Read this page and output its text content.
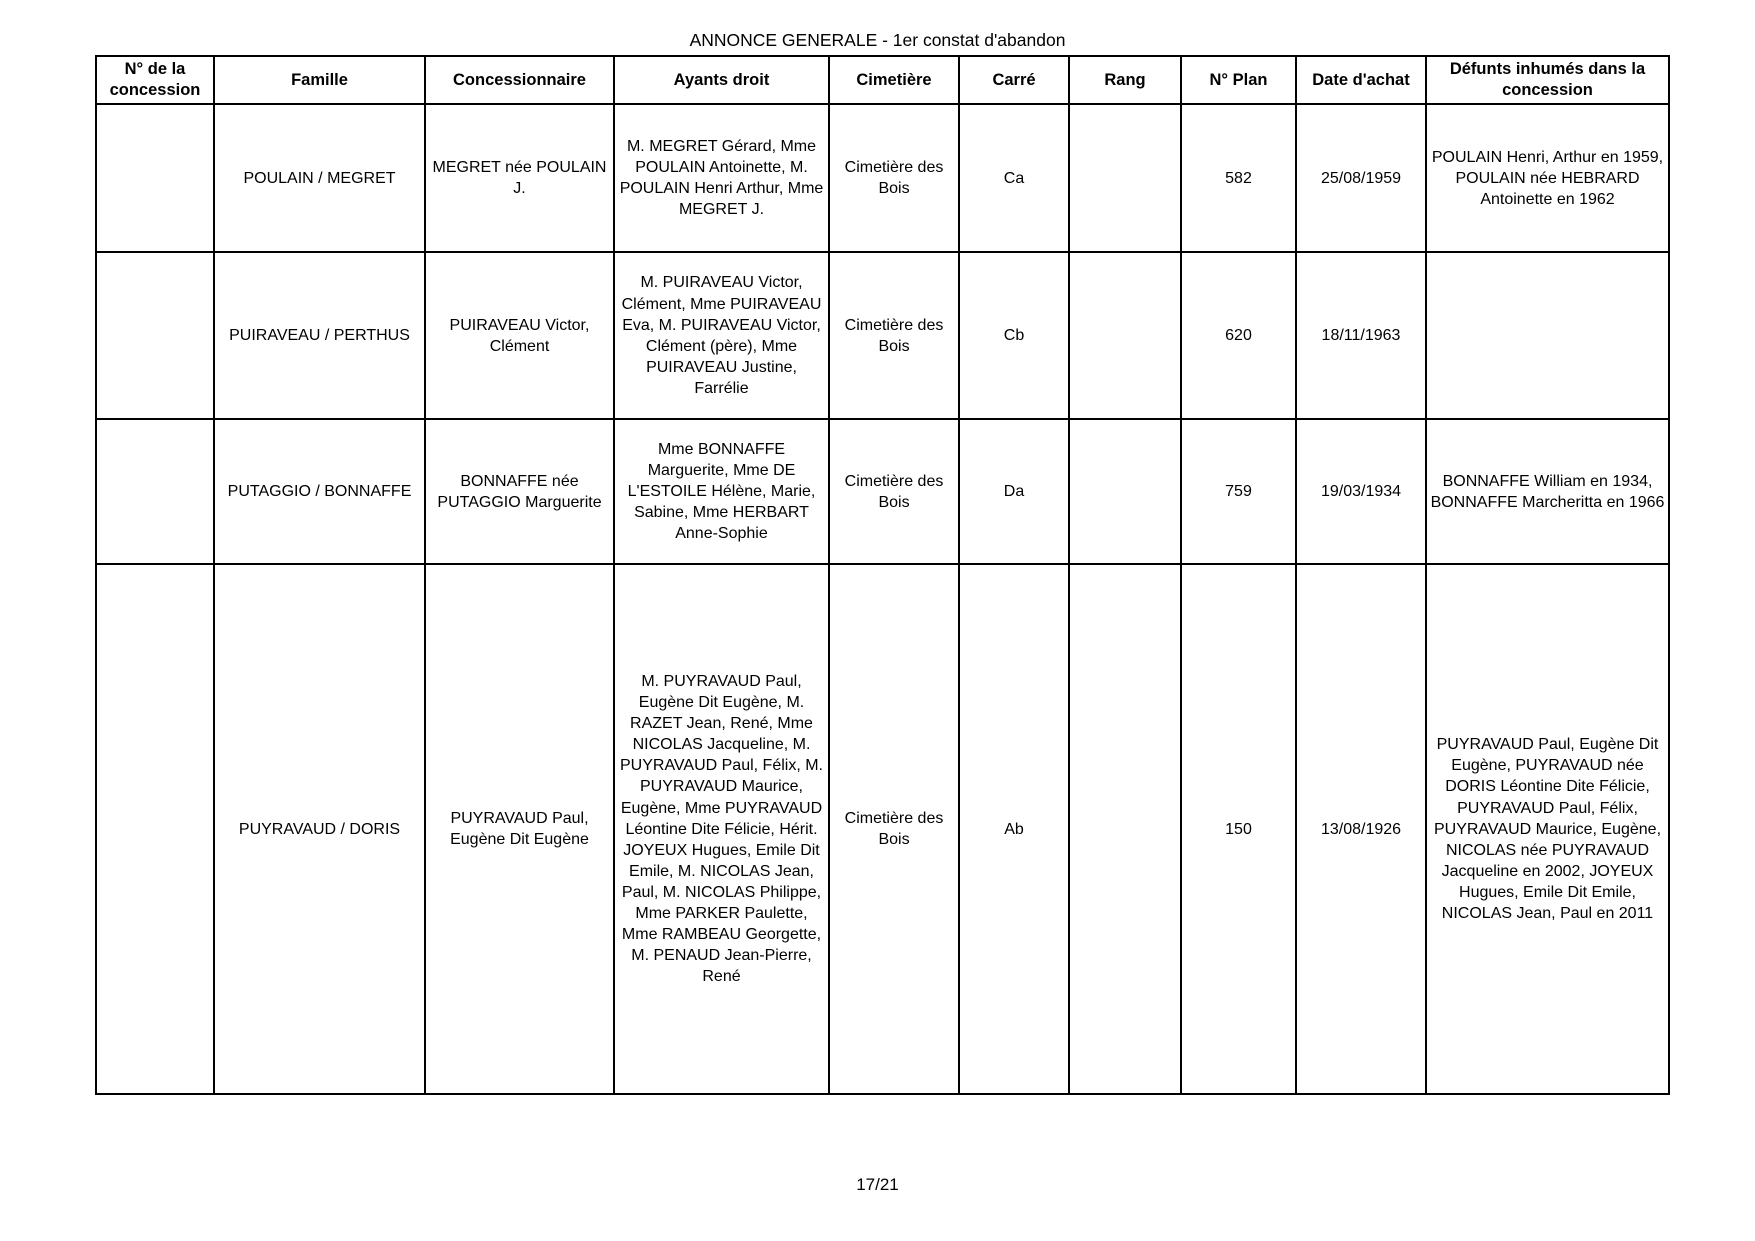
ANNONCE GENERALE - 1er constat d'abandon
N° de la concession	Famille	Concessionnaire	Ayants droit	Cimetière	Carré	Rang	N° Plan	Date d'achat	Défunts inhumés dans la concession
	POULAIN / MEGRET	MEGRET née POULAIN J.	M. MEGRET Gérard, Mme POULAIN Antoinette, M. POULAIN Henri Arthur, Mme MEGRET J.	Cimetière des Bois	Ca		582	25/08/1959	POULAIN Henri, Arthur en 1959, POULAIN née HEBRARD Antoinette en 1962
	PUIRAVEAU / PERTHUS	PUIRAVEAU Victor, Clément	M. PUIRAVEAU Victor, Clément, Mme PUIRAVEAU Eva, M. PUIRAVEAU Victor, Clément (père), Mme PUIRAVEAU Justine, Farrélie	Cimetière des Bois	Cb		620	18/11/1963	
	PUTAGGIO / BONNAFFE	BONNAFFE née PUTAGGIO Marguerite	Mme BONNAFFE Marguerite, Mme DE L'ESTOILE Hélène, Marie, Sabine, Mme HERBART Anne-Sophie	Cimetière des Bois	Da		759	19/03/1934	BONNAFFE William en 1934, BONNAFFE Marcheritta en 1966
	PUYRAVAUD / DORIS	PUYRAVAUD Paul, Eugène Dit Eugène	M. PUYRAVAUD Paul, Eugène Dit Eugène, M. RAZET Jean, René, Mme NICOLAS Jacqueline, M. PUYRAVAUD Paul, Félix, M. PUYRAVAUD Maurice, Eugène, Mme PUYRAVAUD Léontine Dite Félicie, Hérit. JOYEUX Hugues, Emile Dit Emile, M. NICOLAS Jean, Paul, M. NICOLAS Philippe, Mme PARKER Paulette, Mme RAMBEAU Georgette, M. PENAUD Jean-Pierre, René	Cimetière des Bois	Ab		150	13/08/1926	PUYRAVAUD Paul, Eugène Dit Eugène, PUYRAVAUD née DORIS Léontine Dite Félicie, PUYRAVAUD Paul, Félix, PUYRAVAUD Maurice, Eugène, NICOLAS née PUYRAVAUD Jacqueline en 2002, JOYEUX Hugues, Emile Dit Emile, NICOLAS Jean, Paul en 2011
17/21
